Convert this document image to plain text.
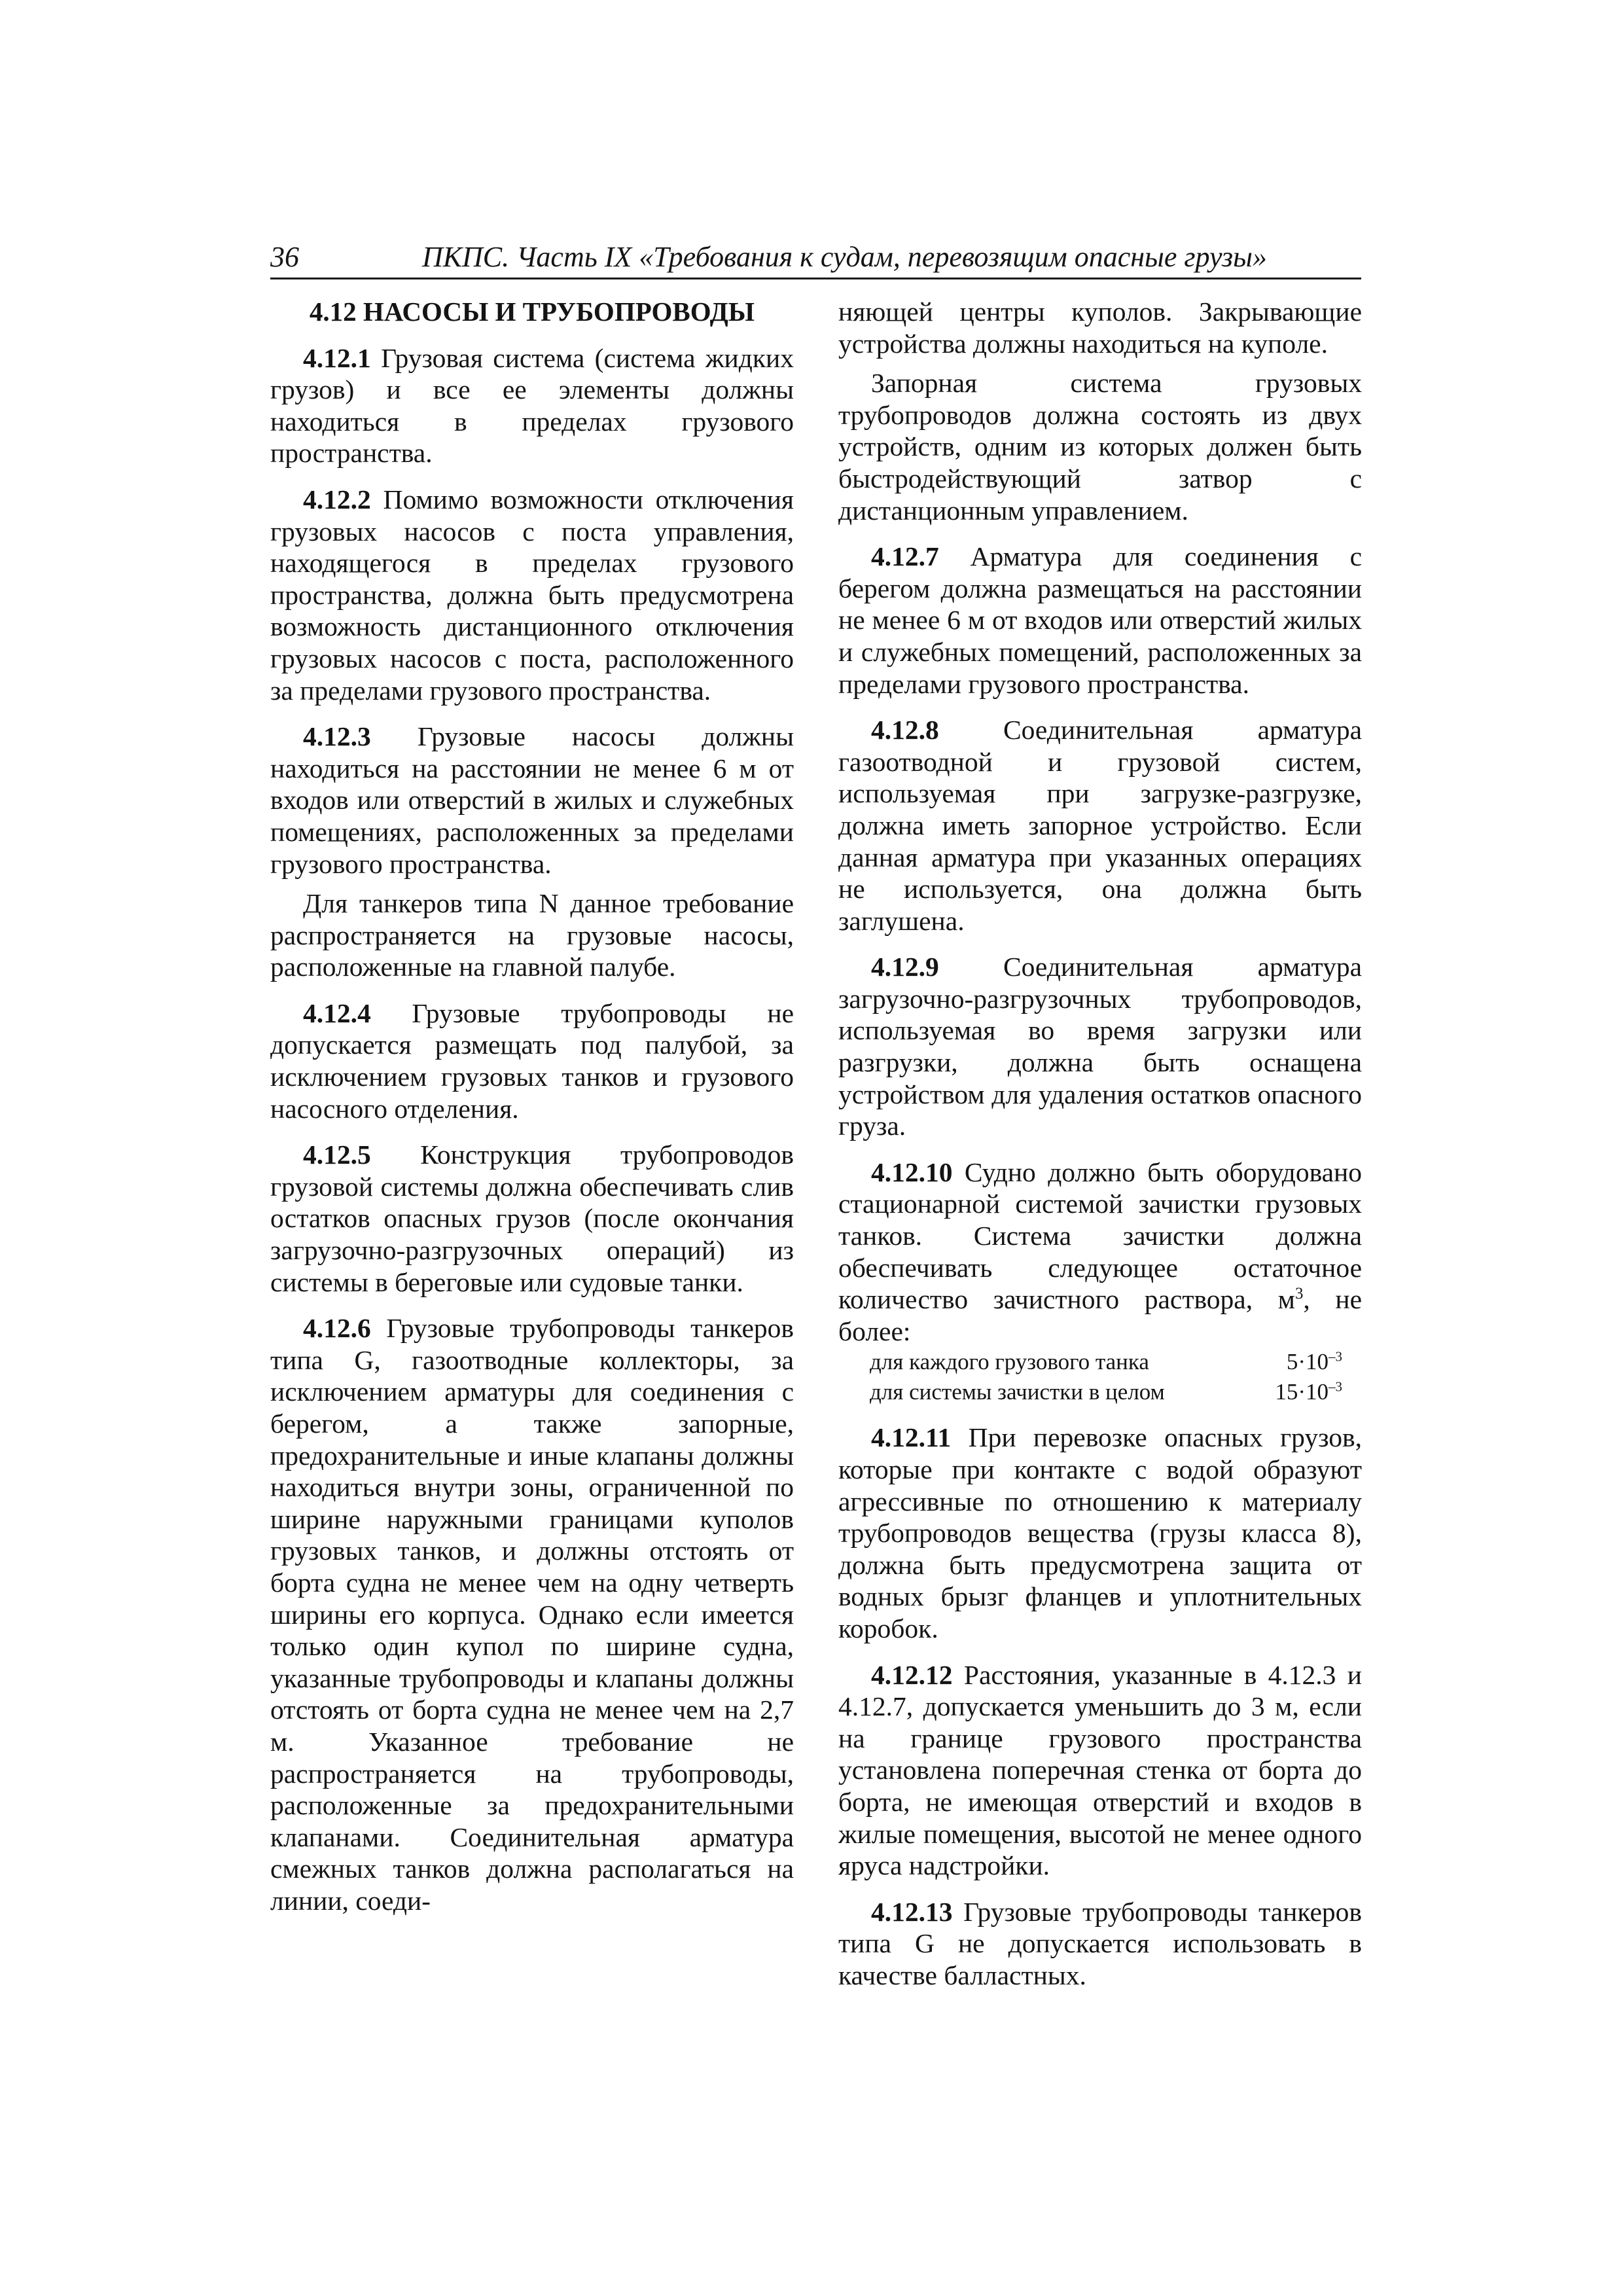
36	ПКПС. Часть IX «Требования к судам, перевозящим опасные грузы»
4.12 НАСОСЫ И ТРУБОПРОВОДЫ

4.12.1 Грузовая система (система жидких грузов) и все ее элементы должны находиться в пределах грузового пространства.

4.12.2 Помимо возможности отключения грузовых насосов с поста управления, находящегося в пределах грузового пространства, должна быть предусмотрена возможность дистанционного отключения грузовых насосов с поста, расположенного за пределами грузового пространства.

4.12.3 Грузовые насосы должны находиться на расстоянии не менее 6 м от входов или отверстий в жилых и служебных помещениях, расположенных за пределами грузового пространства.

Для танкеров типа N данное требование распространяется на грузовые насосы, расположенные на главной палубе.

4.12.4 Грузовые трубопроводы не допускается размещать под палубой, за исключением грузовых танков и грузового насосного отделения.

4.12.5 Конструкция трубопроводов грузовой системы должна обеспечивать слив остатков опасных грузов (после окончания загрузочно-разгрузочных операций) из системы в береговые или судовые танки.

4.12.6 Грузовые трубопроводы танкеров типа G, газоотводные коллекторы, за исключением арматуры для соединения с берегом, а также запорные, предохранительные и иные клапаны должны находиться внутри зоны, ограниченной по ширине наружными границами куполов грузовых танков, и должны отстоять от борта судна не менее чем на одну четверть ширины его корпуса. Однако если имеется только один купол по ширине судна, указанные трубопроводы и клапаны должны отстоять от борта судна не менее чем на 2,7 м. Указанное требование не распространяется на трубопроводы, расположенные за предохранительными клапанами. Соединительная арматура смежных танков должна располагаться на линии, соеди-

няющей центры куполов. Закрывающие устройства должны находиться на куполе.

Запорная система грузовых трубопроводов должна состоять из двух устройств, одним из которых должен быть быстродействующий затвор с дистанционным управлением.

4.12.7 Арматура для соединения с берегом должна размещаться на расстоянии не менее 6 м от входов или отверстий жилых и служебных помещений, расположенных за пределами грузового пространства.

4.12.8 Соединительная арматура газоотводной и грузовой систем, используемая при загрузке-разгрузке, должна иметь запорное устройство. Если данная арматура при указанных операциях не используется, она должна быть заглушена.

4.12.9 Соединительная арматура загрузочно-разгрузочных трубопроводов, используемая во время загрузки или разгрузки, должна быть оснащена устройством для удаления остатков опасного груза.

4.12.10 Судно должно быть оборудовано стационарной системой зачистки грузовых танков. Система зачистки должна обеспечивать следующее остаточное количество зачистного раствора, $м^3$, не более:

для каждого грузового танка	$5\cdot 10^{-3}$
для системы зачистки в целом	$15\cdot 10^{-3}$

4.12.11 При перевозке опасных грузов, которые при контакте с водой образуют агрессивные по отношению к материалу трубопроводов вещества (грузы класса 8), должна быть предусмотрена защита от водных брызг фланцев и уплотнительных коробок.

4.12.12 Расстояния, указанные в 4.12.3 и 4.12.7, допускается уменьшить до 3 м, если на границе грузового пространства установлена поперечная стенка от борта до борта, не имеющая отверстий и входов в жилые помещения, высотой не менее одного яруса надстройки.

4.12.13 Грузовые трубопроводы танкеров типа G не допускается использовать в качестве балластных.
